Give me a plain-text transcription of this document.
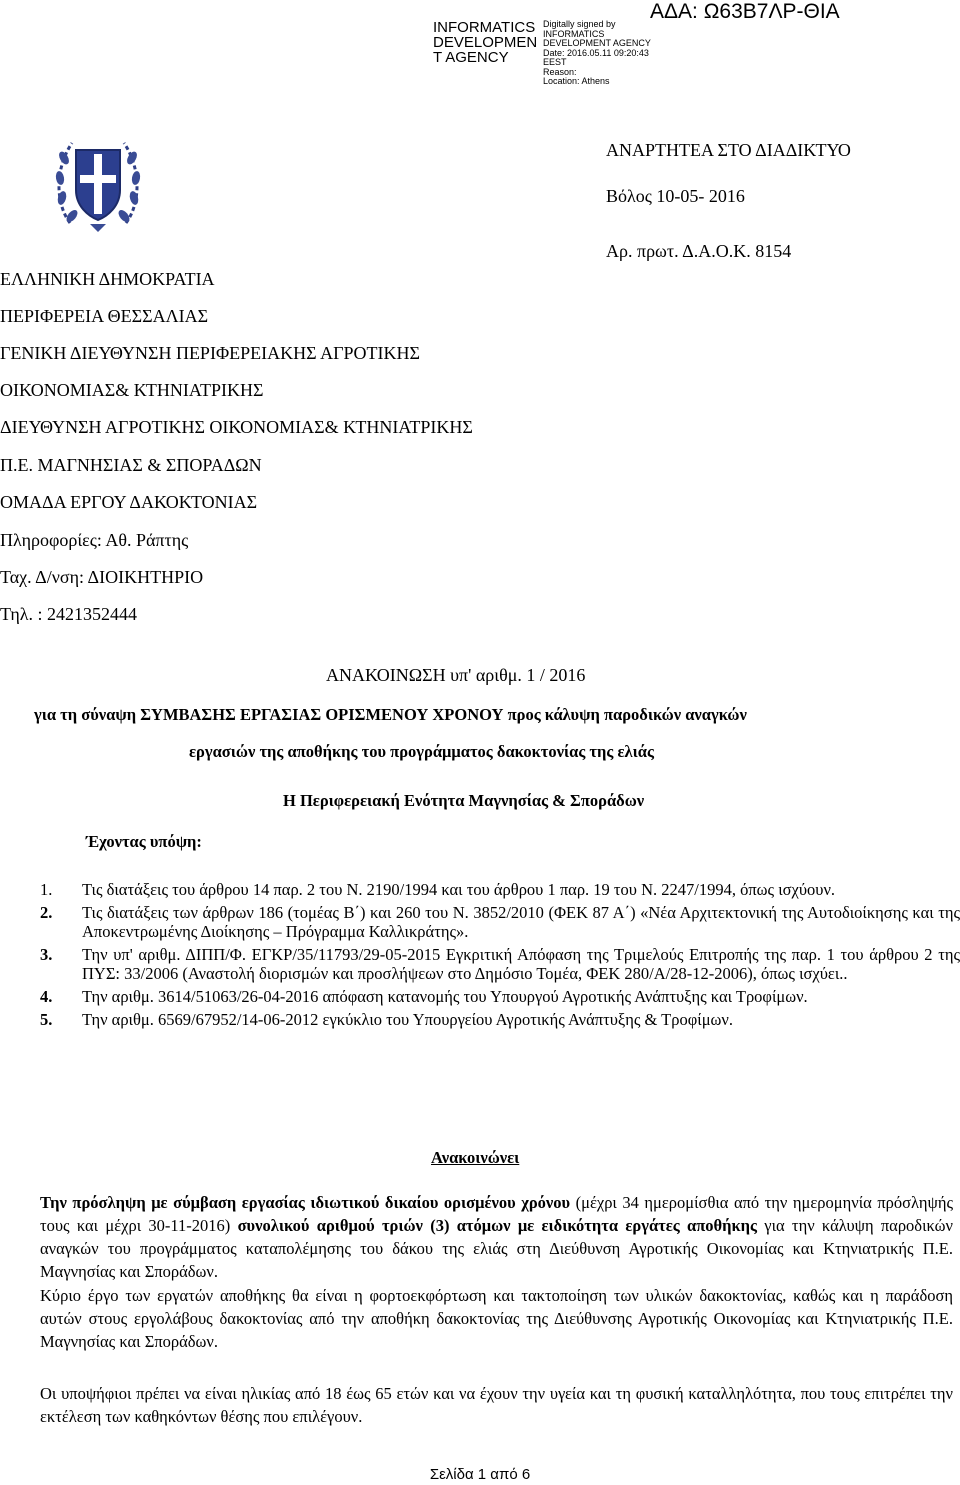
INFORMATICS
DEVELOPMEN
T AGENCY
Digitally signed by
INFORMATICS
DEVELOPMENT AGENCY
Date: 2016.05.11 09:20:43
EEST
Reason:
Location: Athens
ΑΔΑ: Ω63Β7ΛΡ-ΘΙΑ
ΑΝΑΡΤΗΤΕΑ ΣΤΟ ΔΙΑΔΙΚΤΥΟ
Βόλος 10-05- 2016
Αρ. πρωτ. Δ.Α.Ο.Κ. 8154
ΕΛΛΗΝΙΚΗ ΔΗΜΟΚΡΑΤΙΑ
ΠΕΡΙΦΕΡΕΙΑ ΘΕΣΣΑΛΙΑΣ
ΓΕΝΙΚΗ ΔΙΕΥΘΥΝΣΗ ΠΕΡΙΦΕΡΕΙΑΚΗΣ ΑΓΡΟΤΙΚΗΣ
ΟΙΚΟΝΟΜΙΑΣ& ΚΤΗΝΙΑΤΡΙΚΗΣ
ΔΙΕΥΘΥΝΣΗ ΑΓΡΟΤΙΚΗΣ ΟΙΚΟΝΟΜΙΑΣ& ΚΤΗΝΙΑΤΡΙΚΗΣ
Π.Ε. ΜΑΓΝΗΣΙΑΣ & ΣΠΟΡΑΔΩΝ
ΟΜΑΔΑ ΕΡΓΟΥ ΔΑΚΟΚΤΟΝΙΑΣ
Πληροφορίες: Αθ. Ράπτης
Ταχ. Δ/νση: ΔΙΟΙΚΗΤΗΡΙΟ
Τηλ. : 2421352444
ΑΝΑΚΟΙΝΩΣΗ υπ' αριθμ. 1 / 2016
για τη σύναψη ΣΥΜΒΑΣΗΣ ΕΡΓΑΣΙΑΣ ΟΡΙΣΜΕΝΟΥ ΧΡΟΝΟΥ προς κάλυψη παροδικών αναγκών
εργασιών της αποθήκης του προγράμματος δακοκτονίας της ελιάς
Η Περιφερειακή Ενότητα Μαγνησίας & Σποράδων
Έχοντας υπόψη:
1. Τις διατάξεις του άρθρου 14 παρ. 2 του Ν. 2190/1994 και του άρθρου 1 παρ. 19 του Ν. 2247/1994, όπως ισχύουν.
2. Τις διατάξεις των άρθρων 186 (τομέας Β΄) και 260 του Ν. 3852/2010 (ΦΕΚ 87 Α΄) «Νέα Αρχιτεκτονική της Αυτοδιοίκησης και της Αποκεντρωμένης Διοίκησης – Πρόγραμμα Καλλικράτης».
3. Την υπ' αριθμ. ΔΙΠΠ/Φ. ΕΓΚΡ/35/11793/29-05-2015 Εγκριτική Απόφαση της Τριμελούς Επιτροπής της παρ. 1 του άρθρου 2 της ΠΥΣ: 33/2006 (Αναστολή διορισμών και προσλήψεων στο Δημόσιο Τομέα, ΦΕΚ 280/Α/28-12-2006), όπως ισχύει..
4. Την αριθμ. 3614/51063/26-04-2016 απόφαση κατανομής του Υπουργού Αγροτικής Ανάπτυξης και Τροφίμων.
5. Την αριθμ. 6569/67952/14-06-2012 εγκύκλιο του Υπουργείου Αγροτικής Ανάπτυξης & Τροφίμων.
Ανακοινώνει
Την πρόσληψη με σύμβαση εργασίας ιδιωτικού δικαίου ορισμένου χρόνου (μέχρι 34 ημερομίσθια από την ημερομηνία πρόσληψής τους και μέχρι 30-11-2016) συνολικού αριθμού τριών (3) ατόμων με ειδικότητα εργάτες αποθήκης για την κάλυψη παροδικών αναγκών του προγράμματος καταπολέμησης του δάκου της ελιάς στη Διεύθυνση Αγροτικής Οικονομίας και Κτηνιατρικής Π.Ε. Μαγνησίας και Σποράδων.
Κύριο έργο των εργατών αποθήκης θα είναι η φορτοεκφόρτωση και τακτοποίηση των υλικών δακοκτονίας, καθώς και η παράδοση αυτών στους εργολάβους δακοκτονίας από την αποθήκη δακοκτονίας της Διεύθυνσης Αγροτικής Οικονομίας και Κτηνιατρικής Π.Ε. Μαγνησίας και Σποράδων.
Οι υποψήφιοι πρέπει να είναι ηλικίας από 18 έως 65 ετών και να έχουν την υγεία και τη φυσική καταλληλότητα, που τους επιτρέπει την εκτέλεση των καθηκόντων θέσης που επιλέγουν.
Σελίδα 1 από 6
